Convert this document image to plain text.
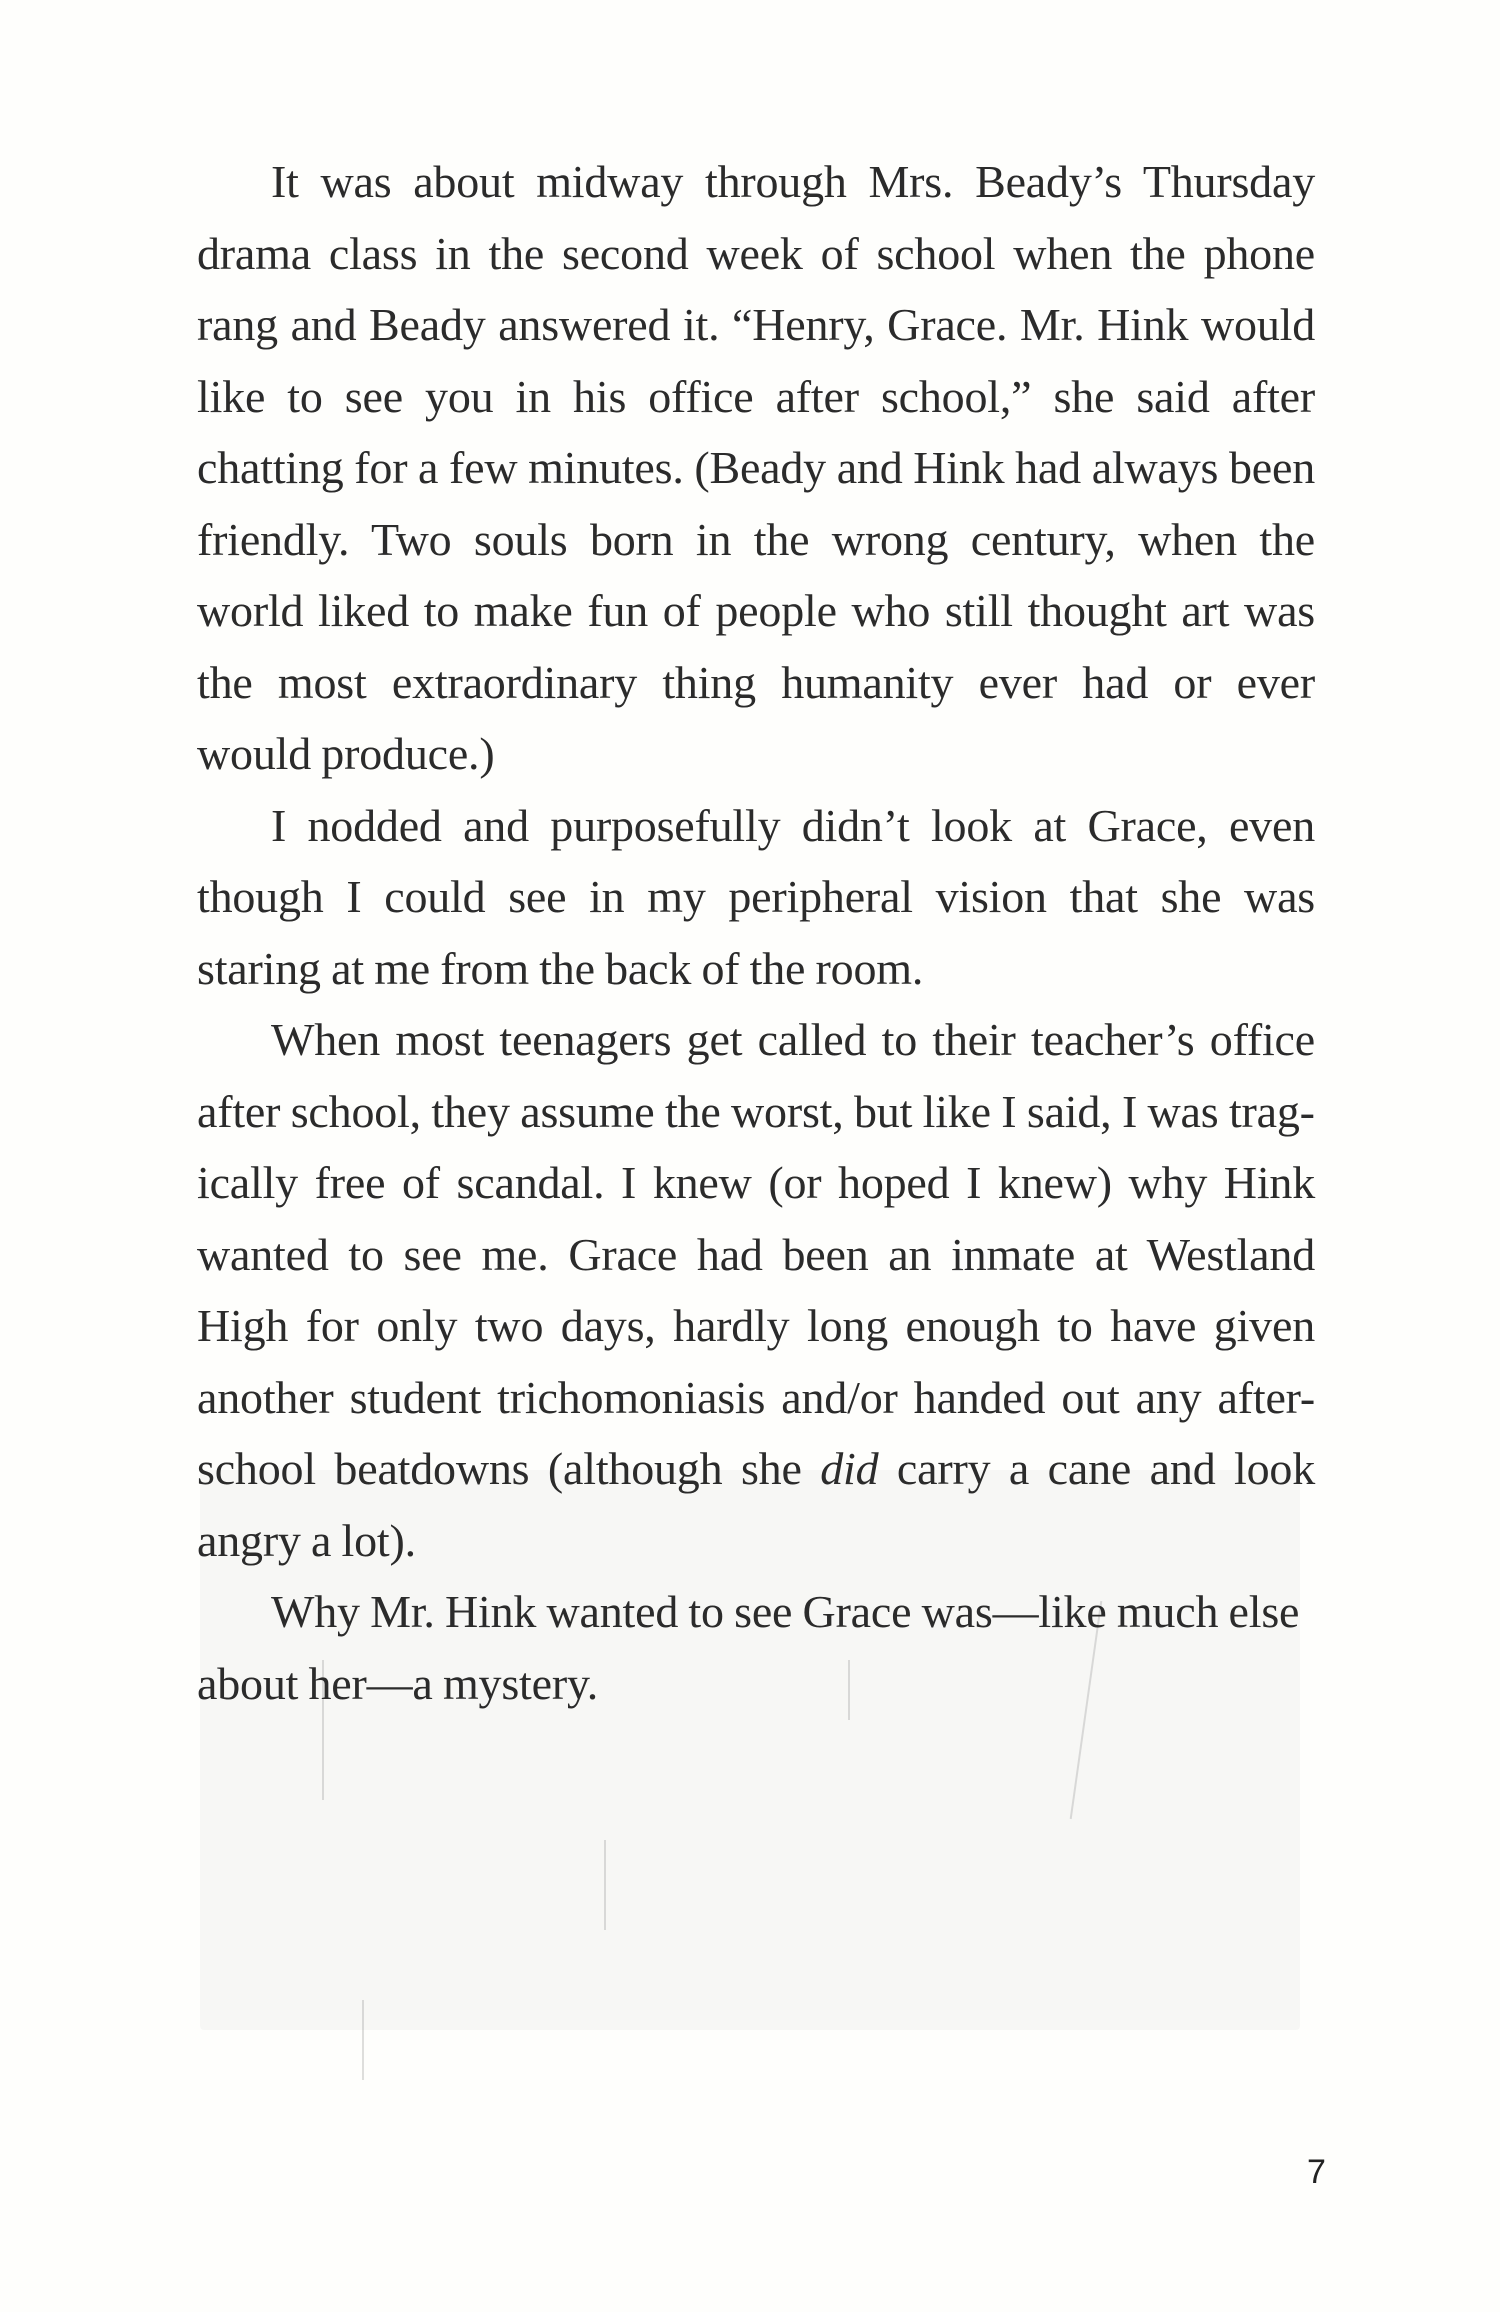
It was about midway through Mrs. Beady’s Thursday drama class in the second week of school when the phone rang and Beady answered it. “Henry, Grace. Mr. Hink would like to see you in his office after school,” she said after chatting for a few minutes. (Beady and Hink had always been friendly. Two souls born in the wrong century, when the world liked to make fun of people who still thought art was the most extraordinary thing humanity ever had or ever would produce.)

I nodded and purposefully didn’t look at Grace, even though I could see in my peripheral vision that she was staring at me from the back of the room.

When most teenagers get called to their teacher’s office after school, they assume the worst, but like I said, I was tragically free of scandal. I knew (or hoped I knew) why Hink wanted to see me. Grace had been an inmate at Westland High for only two days, hardly long enough to have given another student trichomoniasis and/or handed out any after-school beatdowns (although she did carry a cane and look angry a lot).

Why Mr. Hink wanted to see Grace was—like much else about her—a mystery.

7
